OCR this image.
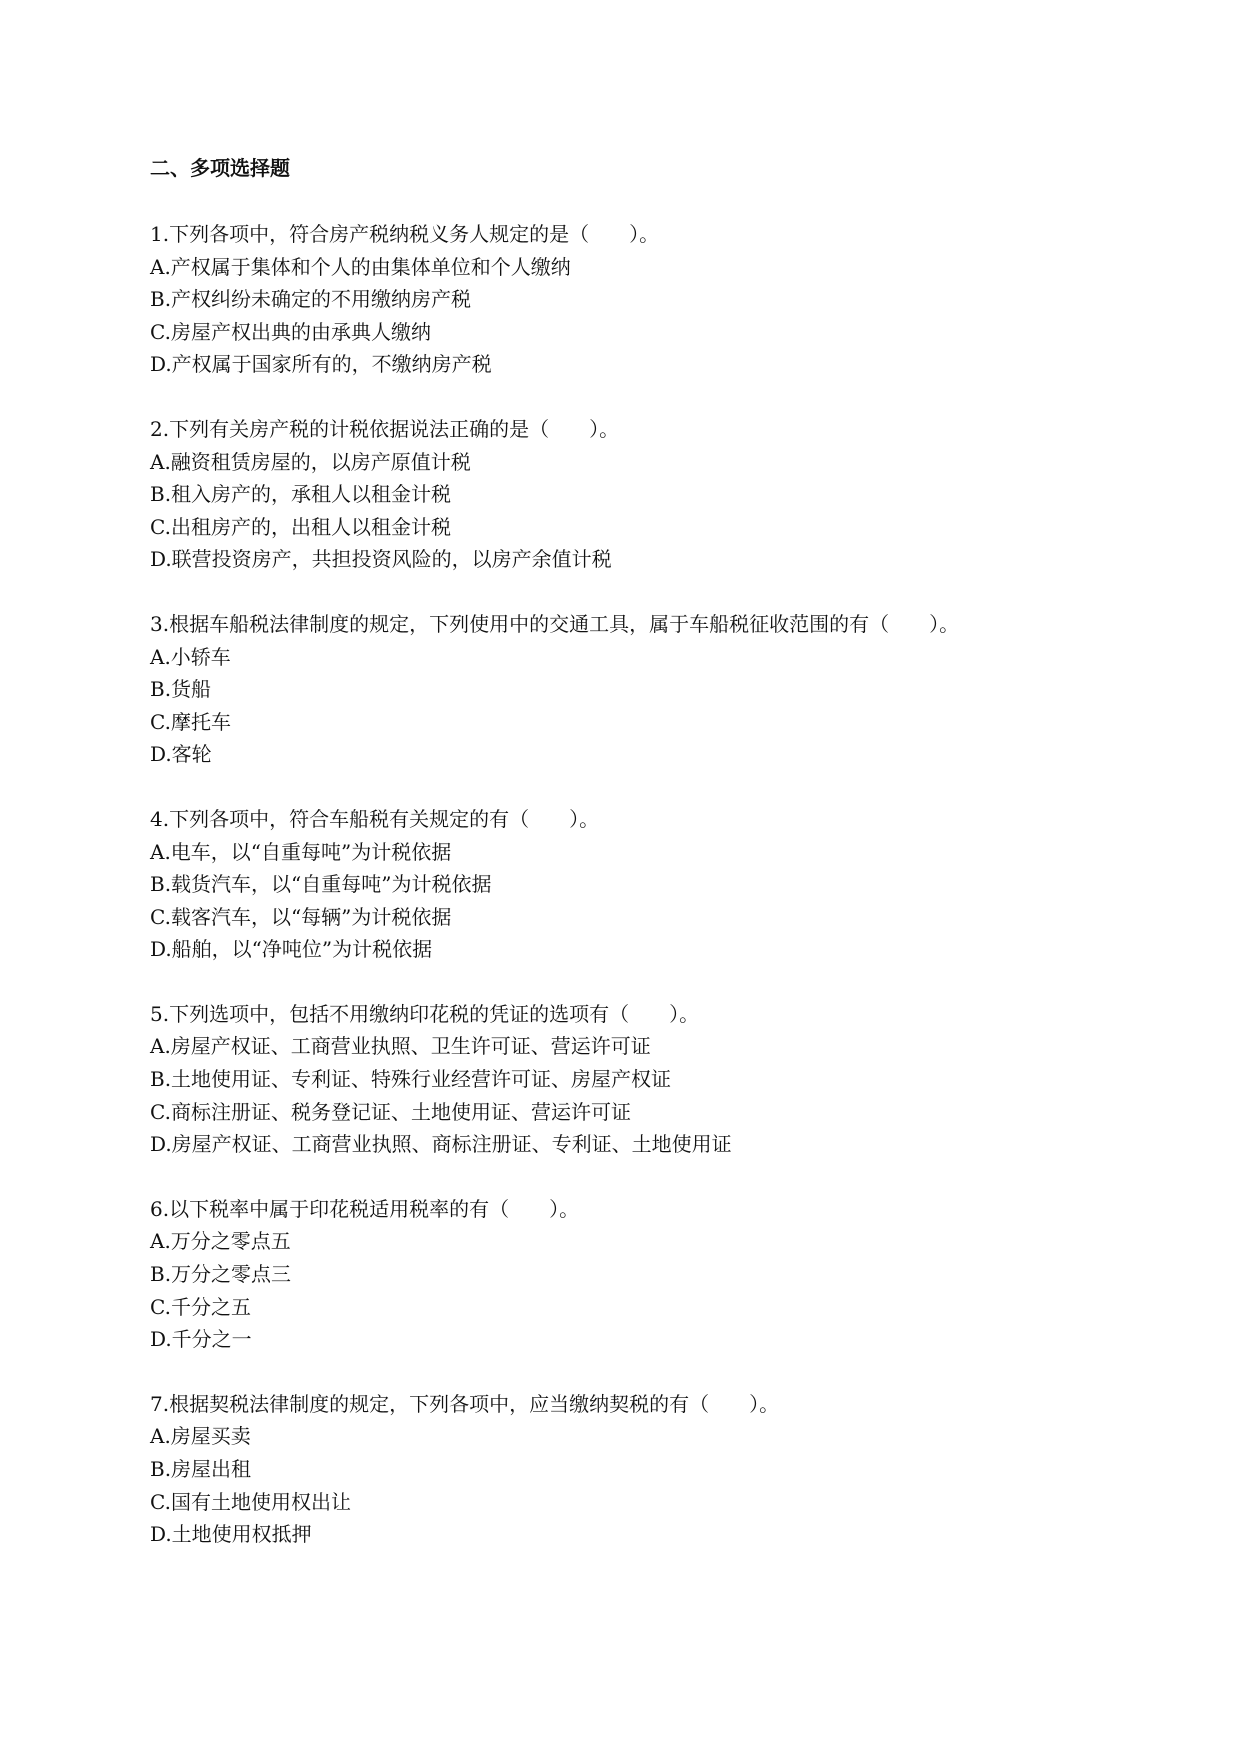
二、多项选择题
1.下列各项中，符合房产税纳税义务人规定的是（　　）。
A.产权属于集体和个人的由集体单位和个人缴纳
B.产权纠纷未确定的不用缴纳房产税
C.房屋产权出典的由承典人缴纳
D.产权属于国家所有的，不缴纳房产税
2.下列有关房产税的计税依据说法正确的是（　　）。
A.融资租赁房屋的，以房产原值计税
B.租入房产的，承租人以租金计税
C.出租房产的，出租人以租金计税
D.联营投资房产，共担投资风险的，以房产余值计税
3.根据车船税法律制度的规定，下列使用中的交通工具，属于车船税征收范围的有（　　）。
A.小轿车
B.货船
C.摩托车
D.客轮
4.下列各项中，符合车船税有关规定的有（　　）。
A.电车，以“自重每吨”为计税依据
B.载货汽车，以“自重每吨”为计税依据
C.载客汽车，以“每辆”为计税依据
D.船舶，以“净吨位”为计税依据
5.下列选项中，包括不用缴纳印花税的凭证的选项有（　　）。
A.房屋产权证、工商营业执照、卫生许可证、营运许可证
B.土地使用证、专利证、特殊行业经营许可证、房屋产权证
C.商标注册证、税务登记证、土地使用证、营运许可证
D.房屋产权证、工商营业执照、商标注册证、专利证、土地使用证
6.以下税率中属于印花税适用税率的有（　　）。
A.万分之零点五
B.万分之零点三
C.千分之五
D.千分之一
7.根据契税法律制度的规定，下列各项中，应当缴纳契税的有（　　）。
A.房屋买卖
B.房屋出租
C.国有土地使用权出让
D.土地使用权抵押
